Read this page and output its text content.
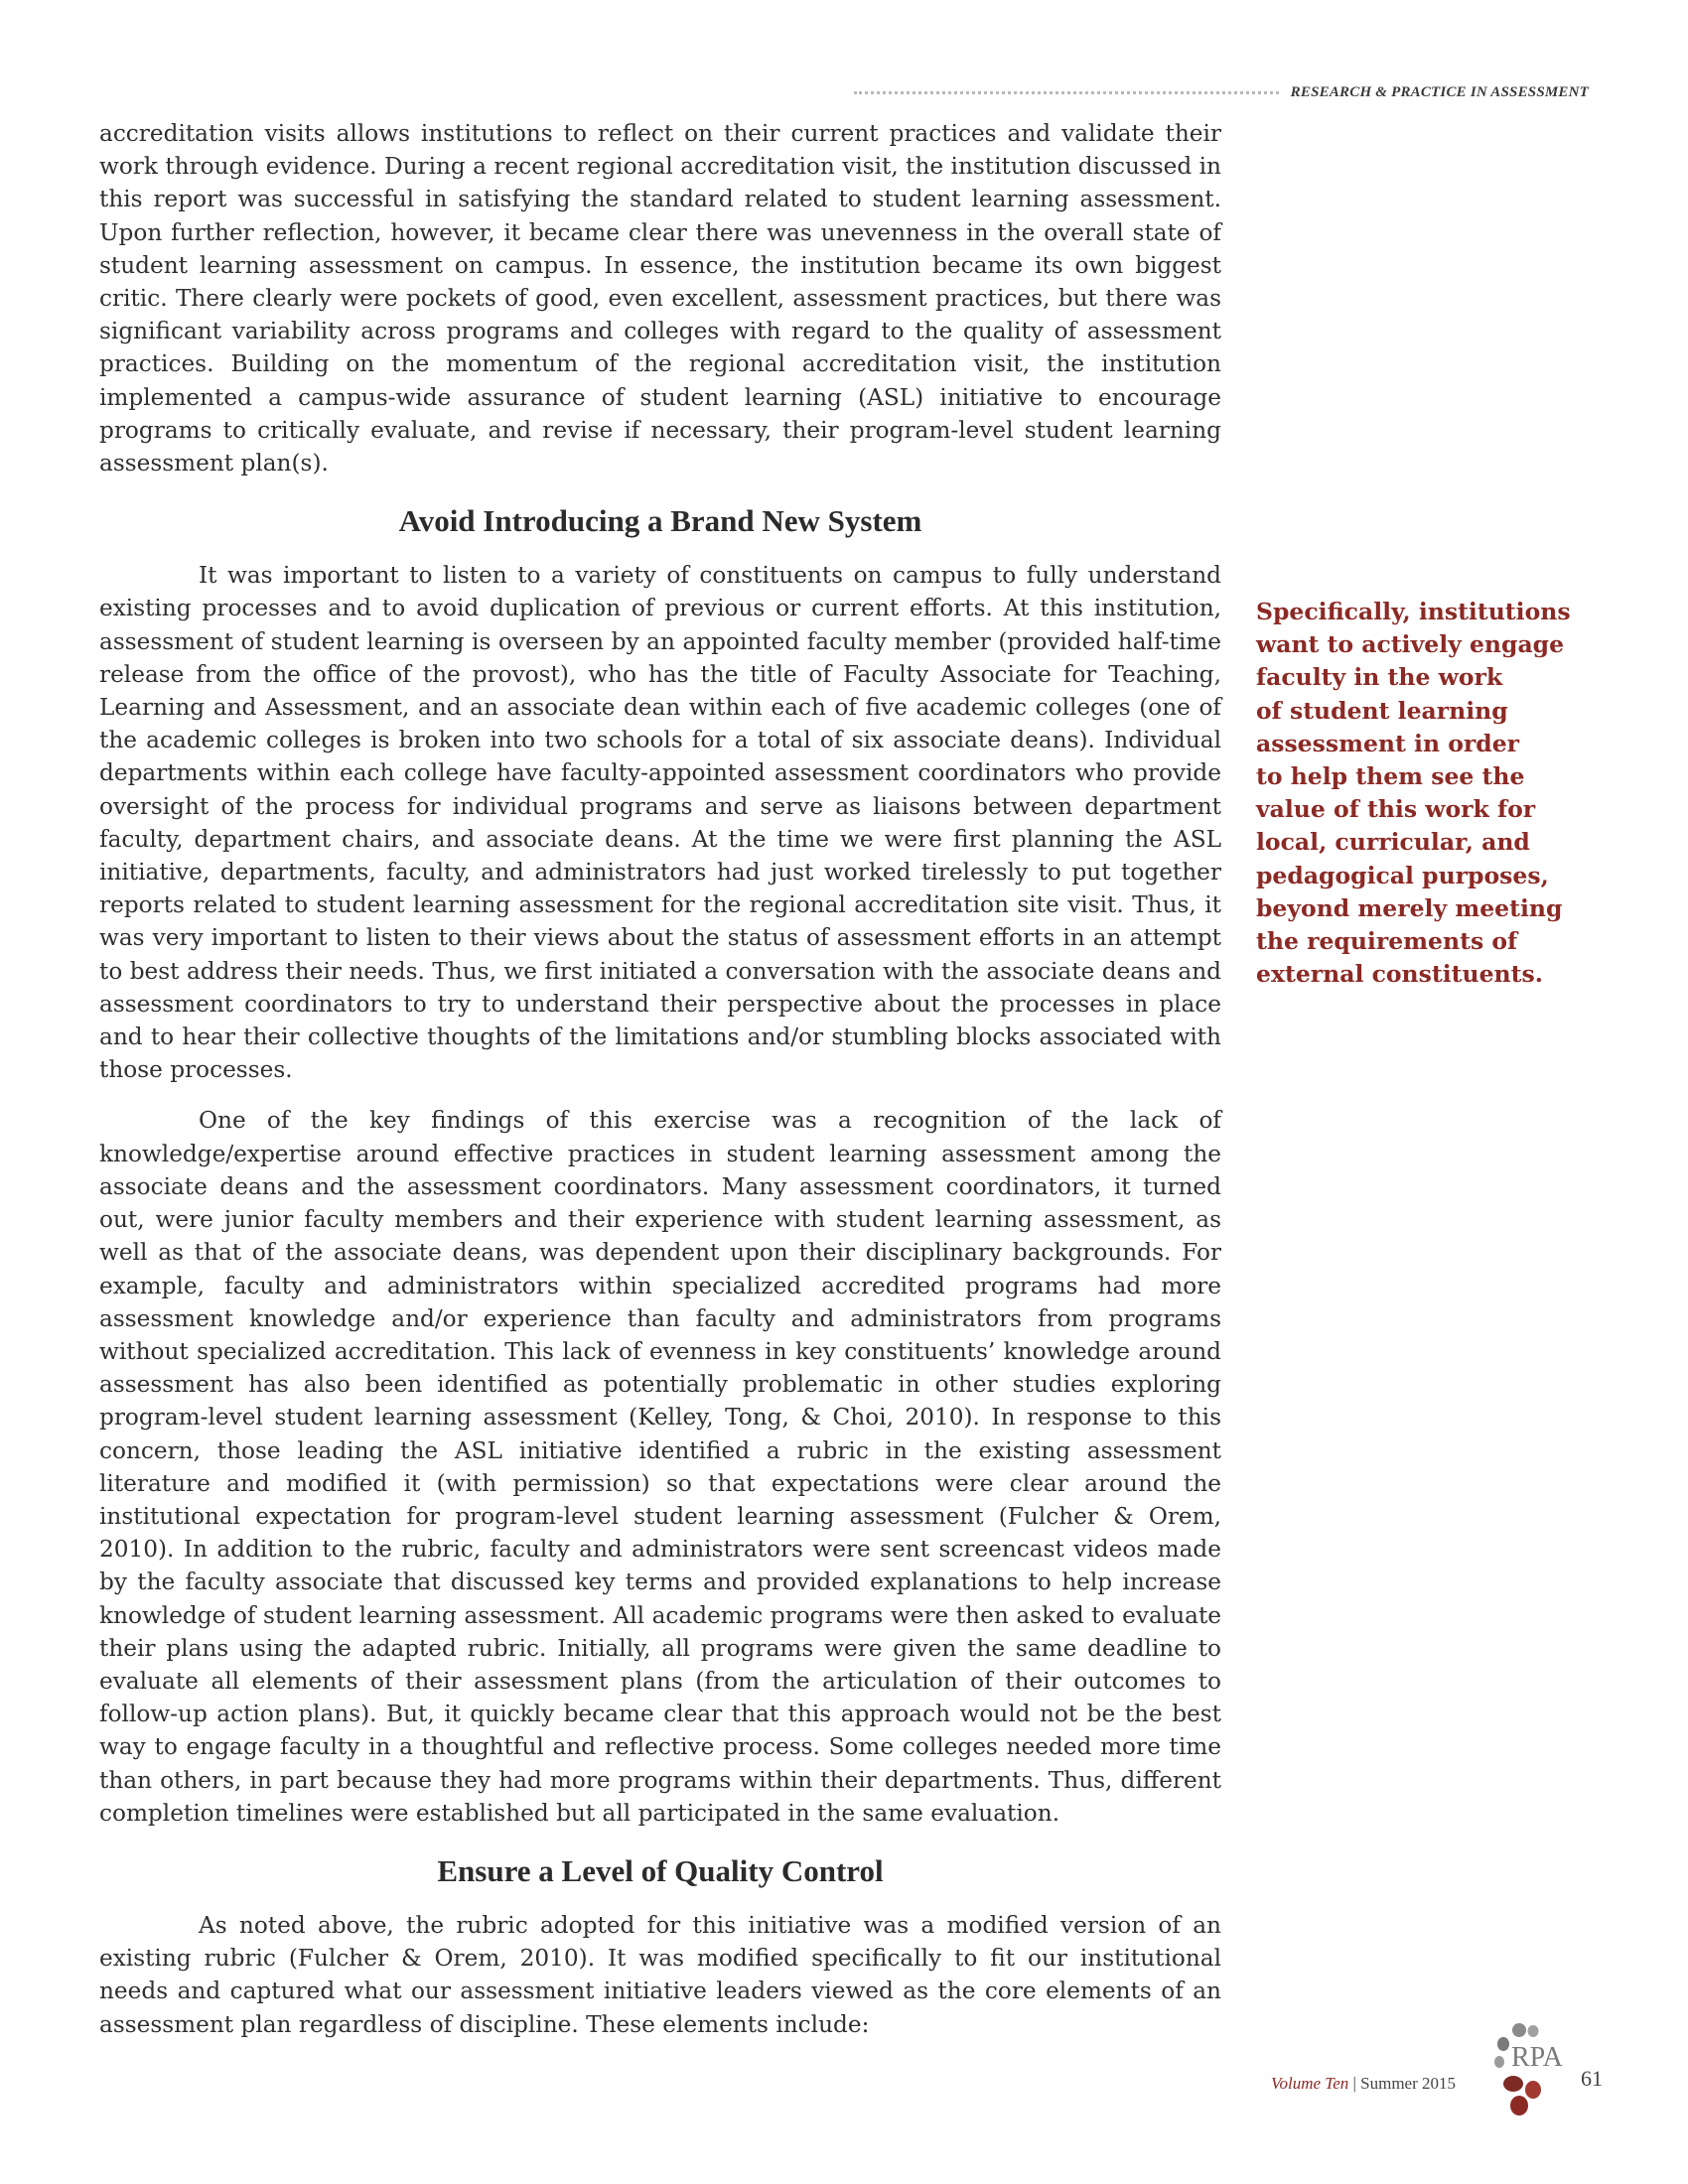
RESEARCH & PRACTICE IN ASSESSMENT

accreditation visits allows institutions to reflect on their current practices and validate their work through evidence. During a recent regional accreditation visit, the institution discussed in this report was successful in satisfying the standard related to student learning assessment. Upon further reflection, however, it became clear there was unevenness in the overall state of student learning assessment on campus. In essence, the institution became its own biggest critic. There clearly were pockets of good, even excellent, assessment practices, but there was significant variability across programs and colleges with regard to the quality of assessment practices. Building on the momentum of the regional accreditation visit, the institution implemented a campus-wide assurance of student learning (ASL) initiative to encourage programs to critically evaluate, and revise if necessary, their program-level student learning assessment plan(s).

Avoid Introducing a Brand New System

It was important to listen to a variety of constituents on campus to fully understand existing processes and to avoid duplication of previous or current efforts. At this institution, assessment of student learning is overseen by an appointed faculty member (provided half-time release from the office of the provost), who has the title of Faculty Associate for Teaching, Learning and Assessment, and an associate dean within each of five academic colleges (one of the academic colleges is broken into two schools for a total of six associate deans). Individual departments within each college have faculty-appointed assessment coordinators who provide oversight of the process for individual programs and serve as liaisons between department faculty, department chairs, and associate deans. At the time we were first planning the ASL initiative, departments, faculty, and administrators had just worked tirelessly to put together reports related to student learning assessment for the regional accreditation site visit. Thus, it was very important to listen to their views about the status of assessment efforts in an attempt to best address their needs. Thus, we first initiated a conversation with the associate deans and assessment coordinators to try to understand their perspective about the processes in place and to hear their collective thoughts of the limitations and/or stumbling blocks associated with those processes.

One of the key findings of this exercise was a recognition of the lack of knowledge/expertise around effective practices in student learning assessment among the associate deans and the assessment coordinators. Many assessment coordinators, it turned out, were junior faculty members and their experience with student learning assessment, as well as that of the associate deans, was dependent upon their disciplinary backgrounds. For example, faculty and administrators within specialized accredited programs had more assessment knowledge and/or experience than faculty and administrators from programs without specialized accreditation. This lack of evenness in key constituents’ knowledge around assessment has also been identified as potentially problematic in other studies exploring program-level student learning assessment (Kelley, Tong, & Choi, 2010). In response to this concern, those leading the ASL initiative identified a rubric in the existing assessment literature and modified it (with permission) so that expectations were clear around the institutional expectation for program-level student learning assessment (Fulcher & Orem, 2010). In addition to the rubric, faculty and administrators were sent screencast videos made by the faculty associate that discussed key terms and provided explanations to help increase knowledge of student learning assessment. All academic programs were then asked to evaluate their plans using the adapted rubric. Initially, all programs were given the same deadline to evaluate all elements of their assessment plans (from the articulation of their outcomes to follow-up action plans). But, it quickly became clear that this approach would not be the best way to engage faculty in a thoughtful and reflective process. Some colleges needed more time than others, in part because they had more programs within their departments. Thus, different completion timelines were established but all participated in the same evaluation.

Ensure a Level of Quality Control

As noted above, the rubric adopted for this initiative was a modified version of an existing rubric (Fulcher & Orem, 2010). It was modified specifically to fit our institutional needs and captured what our assessment initiative leaders viewed as the core elements of an assessment plan regardless of discipline. These elements include:

Specifically, institutions
want to actively engage
faculty in the work
of student learning
assessment in order
to help them see the
value of this work for
local, curricular, and
pedagogical purposes,
beyond merely meeting
the requirements of
external constituents.
Volume Ten | Summer 2015
RPA
61
